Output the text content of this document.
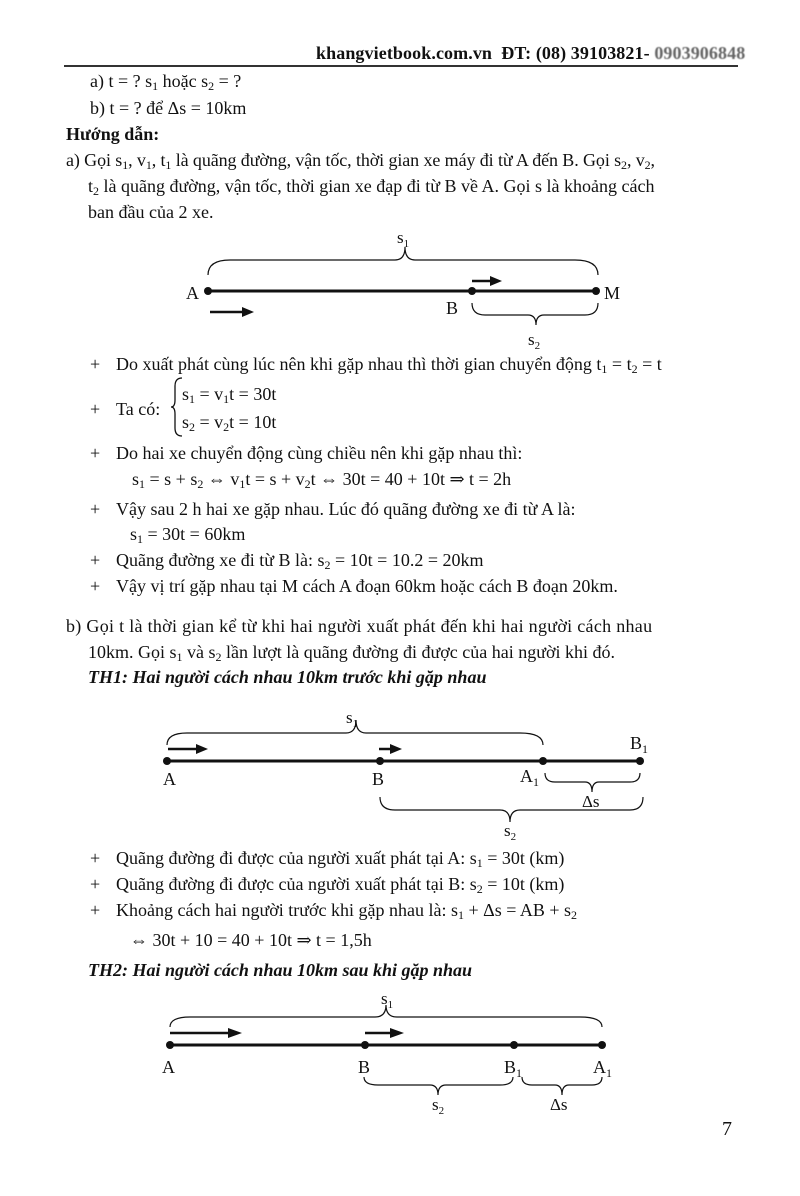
khangvietbook.com.vn ĐT: (08) 39103821- 0903906848
a) t = ? $s_1$ hoặc $s_2$ = ?
b) t = ? để Δs = 10km
Hướng dẫn:
a) Gọi $s_1$, $v_1$, $t_1$ là quãng đường, vận tốc, thời gian xe máy đi từ A đến B. Gọi $s_2$, $v_2$,
$t_2$ là quãng đường, vận tốc, thời gian xe đạp đi từ B về A. Gọi s là khoảng cách
ban đầu của 2 xe.
$s_1$
A
B
M
$s_2$
+ Do xuất phát cùng lúc nên khi gặp nhau thì thời gian chuyển động $t_1 = t_2 = t$
+ Ta có:
$s_1 = v_1t = 30t$
$s_2 = v_2t = 10t$
+ Do hai xe chuyển động cùng chiều nên khi gặp nhau thì:
$s_1 = s + s_2$ ⇔ $v_1t = s + v_2t$ ⇔ 30t = 40 + 10t ⇒ t = 2h
+ Vậy sau 2 h hai xe gặp nhau. Lúc đó quãng đường xe đi từ A là:
$s_1 = 30t = 60km$
+ Quãng đường xe đi từ B là: $s_2 = 10t = 10.2 = 20km$
+ Vậy vị trí gặp nhau tại M cách A đoạn 60km hoặc cách B đoạn 20km.
b) Gọi t là thời gian kể từ khi hai người xuất phát đến khi hai người cách nhau
10km. Gọi $s_1$ và $s_2$ lần lượt là quãng đường đi được của hai người khi đó.
TH1: Hai người cách nhau 10km trước khi gặp nhau
$s_1$
A	B	$A_1$
$B_1$
Δs
$s_2$
+ Quãng đường đi được của người xuất phát tại A: $s_1 = 30t$ (km)
+ Quãng đường đi được của người xuất phát tại B: $s_2 = 10t$ (km)
+ Khoảng cách hai người trước khi gặp nhau là: $s_1 + \Delta s$ = AB + $s_2$
⇔ 30t + 10 = 40 + 10t ⇒ t = 1,5h
TH2: Hai người cách nhau 10km sau khi gặp nhau
$s_1$
A	B	$B_1$	$A_1$
$s_2$	Δs
7
